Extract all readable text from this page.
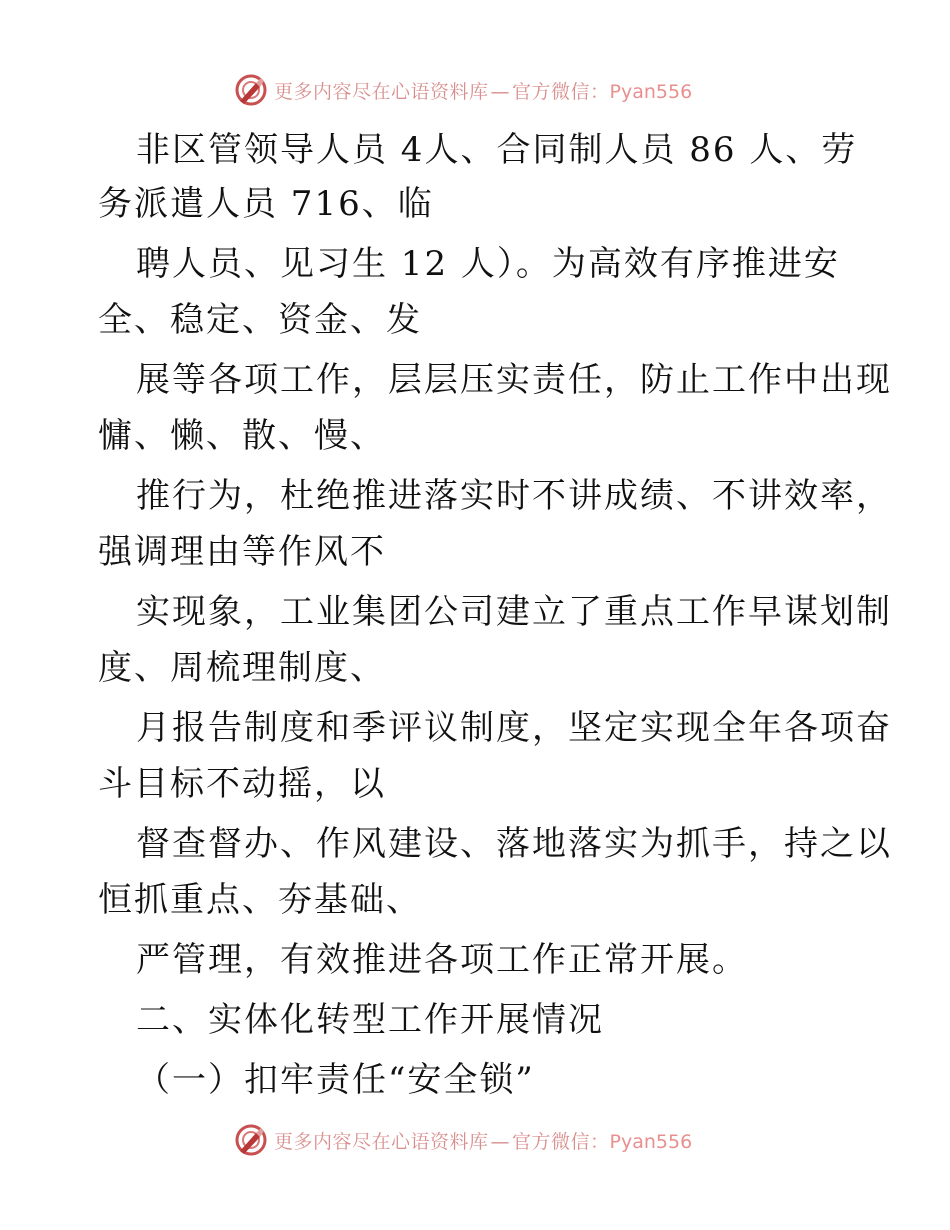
更多内容尽在心语资料库 — 官方微信：Pyan556
非区管领导人员 4人、合同制人员 86 人、劳
务派遣人员 716、临
聘人员、见习生 12 人）。为高效有序推进安
全、稳定、资金、发
展等各项工作，层层压实责任，防止工作中出现
慵、懒、散、慢、
推行为，杜绝推进落实时不讲成绩、不讲效率，
强调理由等作风不
实现象，工业集团公司建立了重点工作早谋划制
度、周梳理制度、
月报告制度和季评议制度，坚定实现全年各项奋
斗目标不动摇，以
督查督办、作风建设、落地落实为抓手，持之以
恒抓重点、夯基础、
严管理，有效推进各项工作正常开展。
二、实体化转型工作开展情况
（一）扣牢责任“安全锁”
更多内容尽在心语资料库 — 官方微信：Pyan556
